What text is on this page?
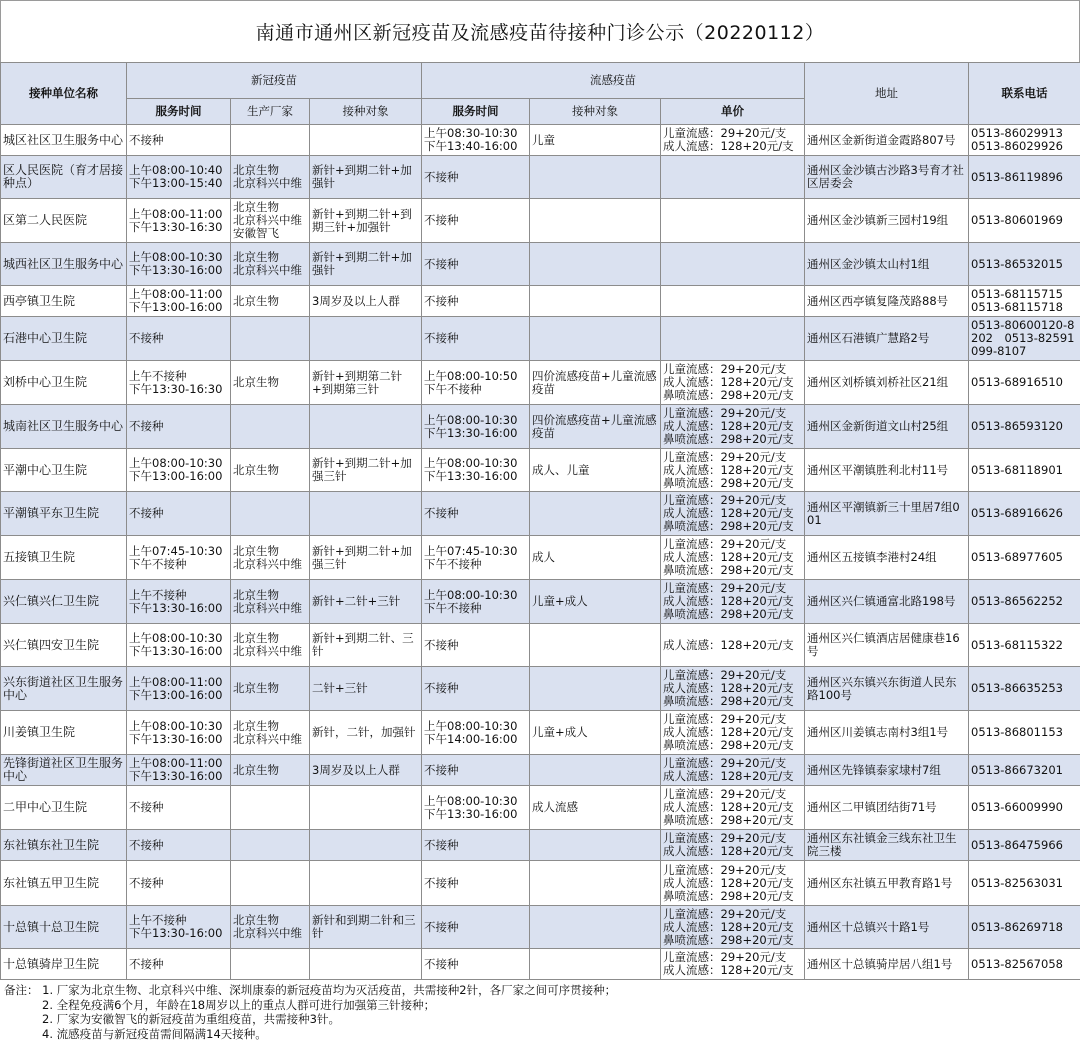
南通市通州区新冠疫苗及流感疫苗待接种门诊公示（20220112）
接种单位名称	新冠疫苗			流感疫苗			地址	联系电话
	服务时间	生产厂家	接种对象	服务时间	接种对象	单价		
城区社区卫生服务中心	不接种			上午08:30-10:30
下午13:40-16:00	儿童	儿童流感：29+20元/支
成人流感：128+20元/支	通州区金新街道金霞路807号	0513-86029913
0513-86029926
区人民医院（育才居接种点）	上午08:00-10:40
下午13:00-15:40	北京生物
北京科兴中维	新针+到期二针+加强针	不接种			通州区金沙镇古沙路3号育才社区居委会	0513-86119896
区第二人民医院	上午08:00-11:00
下午13:30-16:30	北京生物
北京科兴中维 安徽智飞	新针+到期二针+到期三针+加强针	不接种			通州区金沙镇新三园村19组	0513-80601969
城西社区卫生服务中心	上午08:00-10:30
下午13:30-16:00	北京生物
北京科兴中维	新针+到期二针+加强针	不接种			通州区金沙镇太山村1组	0513-86532015
西亭镇卫生院	上午08:00-11:00
下午13:00-16:00	北京生物	3周岁及以上人群	不接种			通州区西亭镇复隆茂路88号	0513-68115715
0513-68115718
石港中心卫生院	不接种			不接种			通州区石港镇广慧路2号	0513-80600120-8202　0513-82591099-8107
刘桥中心卫生院	上午不接种
下午13:30-16:30	北京生物	新针+到期第二针+到期第三针	上午08:00-10:50
下午不接种	四价流感疫苗+儿童流感疫苗	儿童流感：29+20元/支
成人流感：128+20元/支
鼻喷流感：298+20元/支	通州区刘桥镇刘桥社区21组	0513-68916510
城南社区卫生服务中心	不接种			上午08:00-10:30
下午13:30-16:00	四价流感疫苗+儿童流感疫苗	儿童流感：29+20元/支
成人流感：128+20元/支
鼻喷流感：298+20元/支	通州区金新街道文山村25组	0513-86593120
平潮中心卫生院	上午08:00-10:30
下午13:00-16:00	北京生物	新针+到期二针+加强三针	上午08:00-10:30
下午13:30-16:00	成人、儿童	儿童流感：29+20元/支
成人流感：128+20元/支
鼻喷流感：298+20元/支	通州区平潮镇胜利北村11号	0513-68118901
平潮镇平东卫生院	不接种			不接种		儿童流感：29+20元/支
成人流感：128+20元/支
鼻喷流感：298+20元/支	通州区平潮镇新三十里居7组001	0513-68916626
五接镇卫生院	上午07:45-10:30
下午不接种	北京生物
北京科兴中维	新针+到期二针+加强三针	上午07:45-10:30
下午不接种	成人	儿童流感：29+20元/支
成人流感：128+20元/支
鼻喷流感：298+20元/支	通州区五接镇李港村24组	0513-68977605
兴仁镇兴仁卫生院	上午不接种
下午13:30-16:00	北京生物
北京科兴中维	新针+二针+三针	上午08:00-10:30
下午不接种	儿童+成人	儿童流感：29+20元/支
成人流感：128+20元/支
鼻喷流感：298+20元/支	通州区兴仁镇通富北路198号	0513-86562252
兴仁镇四安卫生院	上午08:00-10:30
下午13:30-16:00	北京生物
北京科兴中维	新针+到期二针、三针	不接种		成人流感：128+20元/支	通州区兴仁镇酒店居健康巷16号	0513-68115322
兴东街道社区卫生服务中心	上午08:00-11:00
下午13:00-16:00	北京生物	二针+三针	不接种		儿童流感：29+20元/支
成人流感：128+20元/支
鼻喷流感：298+20元/支	通州区兴东镇兴东街道人民东路100号	0513-86635253
川姜镇卫生院	上午08:00-10:30
下午13:30-16:00	北京生物
北京科兴中维	新针，二针，加强针	上午08:00-10:30
下午14:00-16:00	儿童+成人	儿童流感：29+20元/支
成人流感：128+20元/支
鼻喷流感：298+20元/支	通州区川姜镇志南村3组1号	0513-86801153
先锋街道社区卫生服务中心	上午08:00-11:00
下午13:30-16:00	北京生物	3周岁及以上人群	不接种		儿童流感：29+20元/支
成人流感：128+20元/支	通州区先锋镇泰家埭村7组	0513-86673201
二甲中心卫生院	不接种			上午08:00-10:30
下午13:30-16:00	成人流感	儿童流感：29+20元/支
成人流感：128+20元/支
鼻喷流感：298+20元/支	通州区二甲镇团结街71号	0513-66009990
东社镇东社卫生院	不接种			不接种		儿童流感：29+20元/支
成人流感：128+20元/支	通州区东社镇金三线东社卫生院三楼	0513-86475966
东社镇五甲卫生院	不接种			不接种		儿童流感：29+20元/支
成人流感：128+20元/支
鼻喷流感：298+20元/支	通州区东社镇五甲教育路1号	0513-82563031
十总镇十总卫生院	上午不接种
下午13:30-16:00	北京生物
北京科兴中维	新针和到期二针和三针	不接种		儿童流感：29+20元/支
成人流感：128+20元/支
鼻喷流感：298+20元/支	通州区十总镇兴十路1号	0513-86269718
十总镇骑岸卫生院	不接种			不接种		儿童流感：29+20元/支
成人流感：128+20元/支	通州区十总镇骑岸居八组1号	0513-82567058
备注： 1. 厂家为北京生物、北京科兴中维、深圳康泰的新冠疫苗均为灭活疫苗，共需接种2针，各厂家之间可序贯接种；
2. 全程免疫满6个月，年龄在18周岁以上的重点人群可进行加强第三针接种；
2. 厂家为安徽智飞的新冠疫苗为重组疫苗，共需接种3针。
4. 流感疫苗与新冠疫苗需间隔满14天接种。
